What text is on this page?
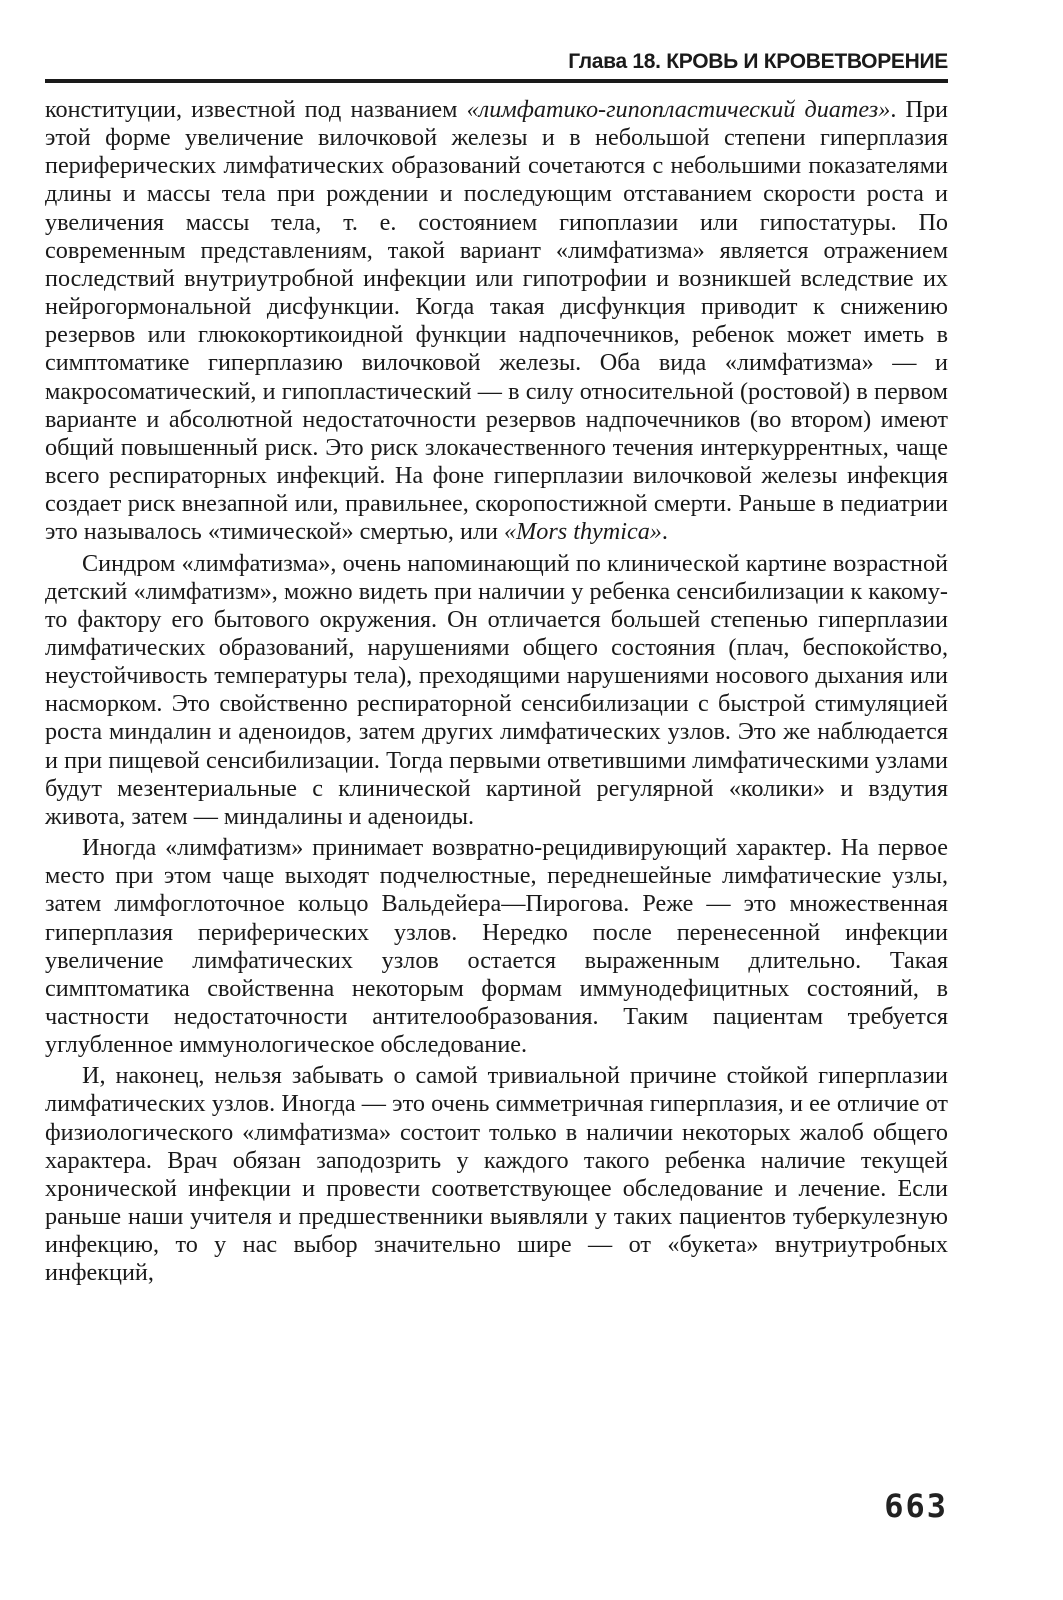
Глава 18. КРОВЬ И КРОВЕТВОРЕНИЕ

конституции, известной под названием «лимфатико-гипопластический диатез». При этой форме увеличение вилочковой железы и в небольшой степени гиперплазия периферических лимфатических образований сочетаются с небольшими показателями длины и массы тела при рождении и последующим отставанием скорости роста и увеличения массы тела, т. е. состоянием гипоплазии или гипостатуры. По современным представлениям, такой вариант «лимфатизма» является отражением последствий внутриутробной инфекции или гипотрофии и возникшей вследствие их нейрогормональной дисфункции. Когда такая дисфункция приводит к снижению резервов или глюкокортикоидной функции надпочечников, ребенок может иметь в симптоматике гиперплазию вилочковой железы. Оба вида «лимфатизма» — и макросоматический, и гипопластический — в силу относительной (ростовой) в первом варианте и абсолютной недостаточности резервов надпочечников (во втором) имеют общий повышенный риск. Это риск злокачественного течения интеркуррентных, чаще всего респираторных инфекций. На фоне гиперплазии вилочковой железы инфекция создает риск внезапной или, правильнее, скоропостижной смерти. Раньше в педиатрии это называлось «тимической» смертью, или «Mors thymica».

Синдром «лимфатизма», очень напоминающий по клинической картине возрастной детский «лимфатизм», можно видеть при наличии у ребенка сенсибилизации к какому-то фактору его бытового окружения. Он отличается большей степенью гиперплазии лимфатических образований, нарушениями общего состояния (плач, беспокойство, неустойчивость температуры тела), преходящими нарушениями носового дыхания или насморком. Это свойственно респираторной сенсибилизации с быстрой стимуляцией роста миндалин и аденоидов, затем других лимфатических узлов. Это же наблюдается и при пищевой сенсибилизации. Тогда первыми ответившими лимфатическими узлами будут мезентериальные с клинической картиной регулярной «колики» и вздутия живота, затем — миндалины и аденоиды.

Иногда «лимфатизм» принимает возвратно-рецидивирующий характер. На первое место при этом чаще выходят подчелюстные, переднешейные лимфатические узлы, затем лимфоглоточное кольцо Вальдейера—Пирогова. Реже — это множественная гиперплазия периферических узлов. Нередко после перенесенной инфекции увеличение лимфатических узлов остается выраженным длительно. Такая симптоматика свойственна некоторым формам иммунодефицитных состояний, в частности недостаточности антителообразования. Таким пациентам требуется углубленное иммунологическое обследование.

И, наконец, нельзя забывать о самой тривиальной причине стойкой гиперплазии лимфатических узлов. Иногда — это очень симметричная гиперплазия, и ее отличие от физиологического «лимфатизма» состоит только в наличии некоторых жалоб общего характера. Врач обязан заподозрить у каждого такого ребенка наличие текущей хронической инфекции и провести соответствующее обследование и лечение. Если раньше наши учителя и предшественники выявляли у таких пациентов туберкулезную инфекцию, то у нас выбор значительно шире — от «букета» внутриутробных инфекций,

663
